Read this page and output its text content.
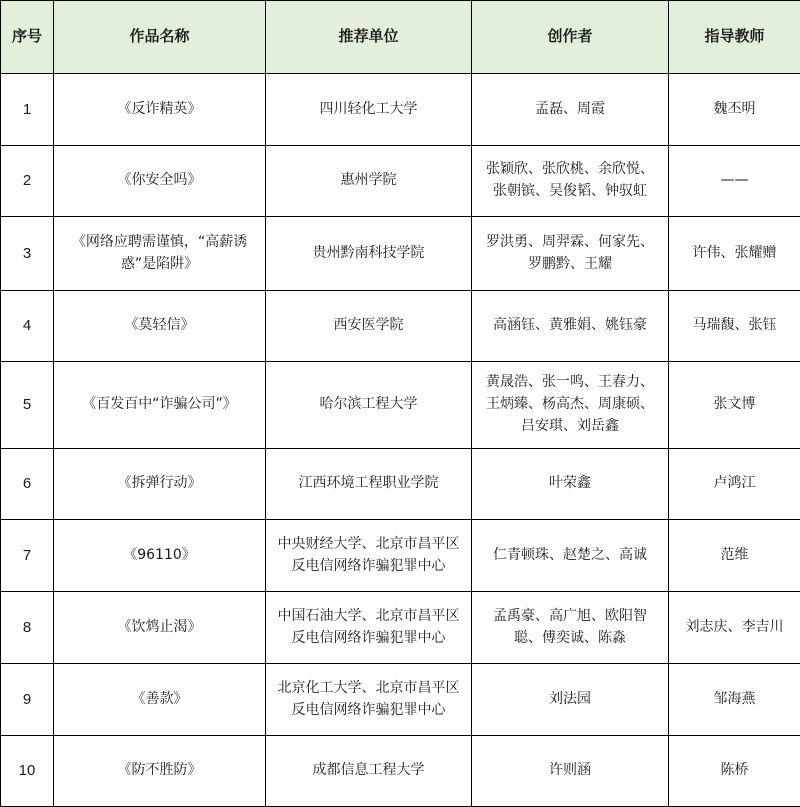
序号	作品名称	推荐单位	创作者	指导教师

1	《反诈精英》	四川轻化工大学	孟磊、周霞	魏丕明

2	《你安全吗》	惠州学院	张颖欣、张欣桃、余欣悦、张朝镔、吴俊韬、钟驭虹	——

3	《网络应聘需谨慎，“高薪诱惑”是陷阱》	贵州黔南科技学院	罗洪勇、周羿霖、何家先、罗鹏黔、王耀	许伟、张耀赠

4	《莫轻信》	西安医学院	高涵钰、黄雅娟、姚钰豪	马瑞馥、张钰

5	《百发百中“诈骗公司”》	哈尔滨工程大学	黄晟浩、张一鸣、王春力、王炳臻、杨高杰、周康硕、吕安琪、刘岳鑫	张文博

6	《拆弹行动》	江西环境工程职业学院	叶荣鑫	卢鸿江

7	《96110》	中央财经大学、北京市昌平区反电信网络诈骗犯罪中心	仁青顿珠、赵楚之、高诚	范维

8	《饮鸩止渴》	中国石油大学、北京市昌平区反电信网络诈骗犯罪中心	孟禹豪、高广旭、欧阳智聪、傅奕诚、陈淼	刘志庆、李吉川

9	《善款》	北京化工大学、北京市昌平区反电信网络诈骗犯罪中心	刘法园	邹海燕

10	《防不胜防》	成都信息工程大学	许则涵	陈桥
